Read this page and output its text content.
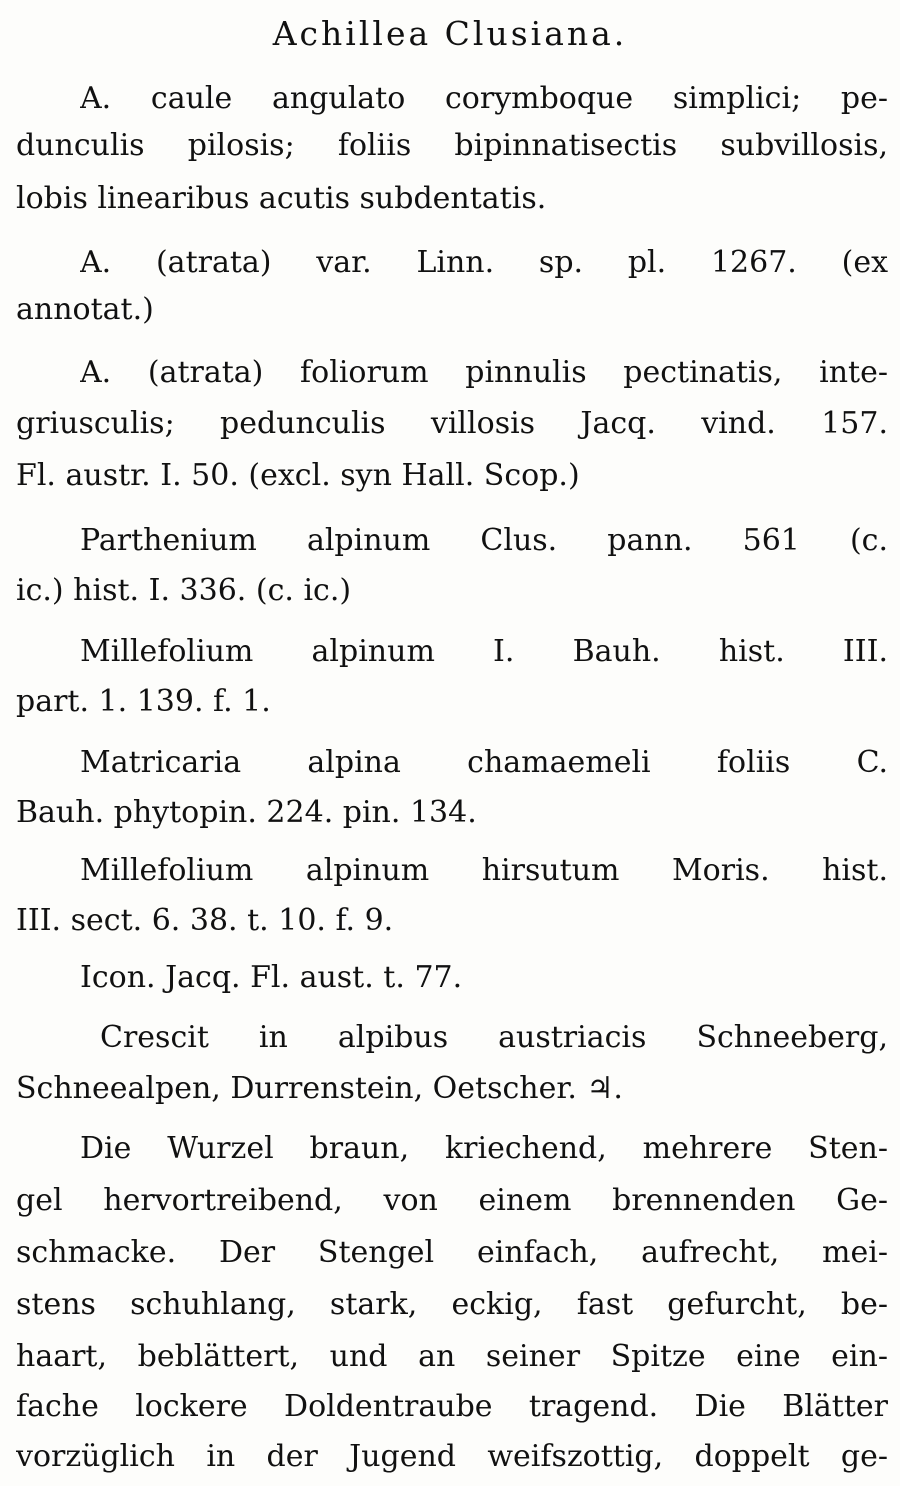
Achillea Clusiana.
A. caule angulato corymboque simplici; pe-
dunculis pilosis; foliis bipinnatisectis subvillosis,
lobis linearibus acutis subdentatis.
A. (atrata) var. Linn. sp. pl. 1267. (ex
annotat.)
A. (atrata) foliorum pinnulis pectinatis, inte-
griusculis; pedunculis villosis Jacq. vind. 157.
Fl. austr. I. 50. (excl. syn Hall. Scop.)
Parthenium alpinum Clus. pann. 561 (c.
ic.) hist. I. 336. (c. ic.)
Millefolium alpinum I. Bauh. hist. III.
part. 1. 139. f. 1.
Matricaria alpina chamaemeli foliis C.
Bauh. phytopin. 224. pin. 134.
Millefolium alpinum hirsutum Moris. hist.
III. sect. 6. 38. t. 10. f. 9.
Icon. Jacq. Fl. aust. t. 77.
Crescit in alpibus austriacis Schneeberg,
Schneealpen, Durrenstein, Oetscher. ♃.
Die Wurzel braun, kriechend, mehrere Sten-
gel hervortreibend, von einem brennenden Ge-
schmacke. Der Stengel einfach, aufrecht, mei-
stens schuhlang, stark, eckig, fast gefurcht, be-
haart, beblättert, und an seiner Spitze eine ein-
fache lockere Doldentraube tragend. Die Blätter
vorzüglich in der Jugend weifszottig, doppelt ge-
